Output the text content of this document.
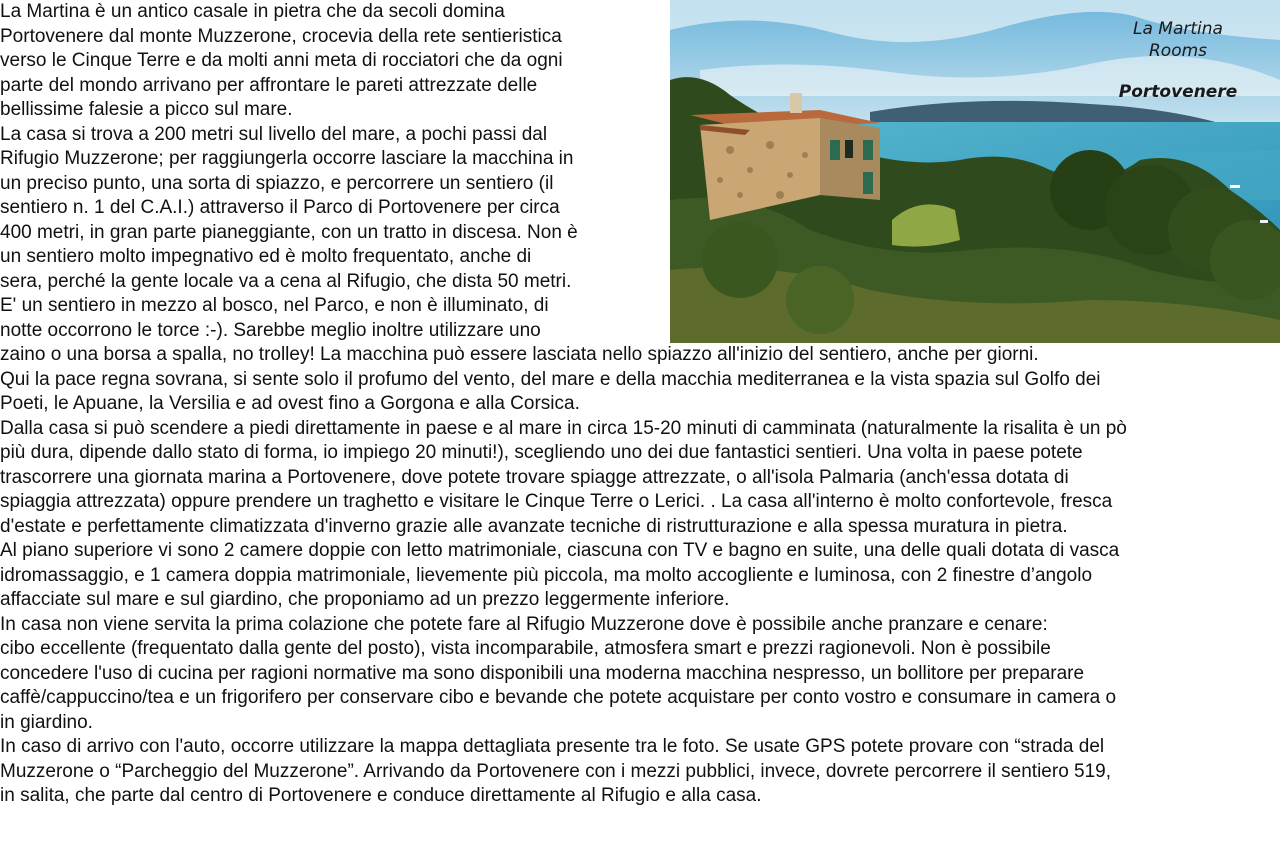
La Martina è un antico casale in pietra che da secoli domina
Portovenere dal monte Muzzerone, crocevia della rete sentieristica
verso le Cinque Terre e da molti anni meta di rocciatori che da ogni
parte del mondo arrivano per affrontare le pareti attrezzate delle
bellissime falesie a picco sul mare.
La casa si trova a 200 metri sul livello del mare, a pochi passi dal
Rifugio Muzzerone; per raggiungerla occorre lasciare la macchina in
un preciso punto, una sorta di spiazzo, e percorrere un sentiero (il
sentiero n. 1 del C.A.I.) attraverso il Parco di Portovenere per circa
400 metri, in gran parte pianeggiante, con un tratto in discesa. Non è
un sentiero molto impegnativo ed è molto frequentato, anche di
sera, perché la gente locale va a cena al Rifugio, che dista 50 metri.
E' un sentiero in mezzo al bosco, nel Parco, e non è illuminato, di
notte occorrono le torce :-). Sarebbe meglio inoltre utilizzare uno
zaino o una borsa a spalla, no trolley! La macchina può essere lasciata nello spiazzo all'inizio del sentiero, anche per giorni.
Qui la pace regna sovrana, si sente solo il profumo del vento, del mare e della macchia mediterranea e la vista spazia sul Golfo dei
Poeti, le Apuane, la Versilia e ad ovest fino a Gorgona e alla Corsica.
Dalla casa si può scendere a piedi direttamente in paese e al mare in circa 15-20 minuti di camminata (naturalmente la risalita è un pò
più dura, dipende dallo stato di forma, io impiego 20 minuti!), scegliendo uno dei due fantastici sentieri. Una volta in paese potete
trascorrere una giornata marina a Portovenere, dove potete trovare spiagge attrezzate, o all'isola Palmaria (anch'essa dotata di
spiaggia attrezzata) oppure prendere un traghetto e visitare le Cinque Terre o Lerici. . La casa all'interno è molto confortevole, fresca
d'estate e perfettamente climatizzata d'inverno grazie alle avanzate tecniche di ristrutturazione e alla spessa muratura in pietra.
Al piano superiore vi sono 2 camere doppie con letto matrimoniale, ciascuna con TV e bagno en suite, una delle quali dotata di vasca
idromassaggio, e 1 camera doppia matrimoniale, lievemente più piccola, ma molto accogliente e luminosa, con 2 finestre d’angolo
affacciate sul mare e sul giardino, che proponiamo ad un prezzo leggermente inferiore.
In casa non viene servita la prima colazione che potete fare al Rifugio Muzzerone dove è possibile anche pranzare e cenare:
cibo eccellente (frequentato dalla gente del posto), vista incomparabile, atmosfera smart e prezzi ragionevoli. Non è possibile
concedere l'uso di cucina per ragioni normative ma sono disponibili una moderna macchina nespresso, un bollitore per preparare
caffè/cappuccino/tea e un frigorifero per conservare cibo e bevande che potete acquistare per conto vostro e consumare in camera o
in giardino.
In caso di arrivo con l'auto, occorre utilizzare la mappa dettagliata presente tra le foto. Se usate GPS potete provare con “strada del
Muzzerone o “Parcheggio del Muzzerone”. Arrivando da Portovenere con i mezzi pubblici, invece, dovrete percorrere il sentiero 519,
in salita, che parte dal centro di Portovenere e conduce direttamente al Rifugio e alla casa.
La Martina
Rooms
Portovenere
